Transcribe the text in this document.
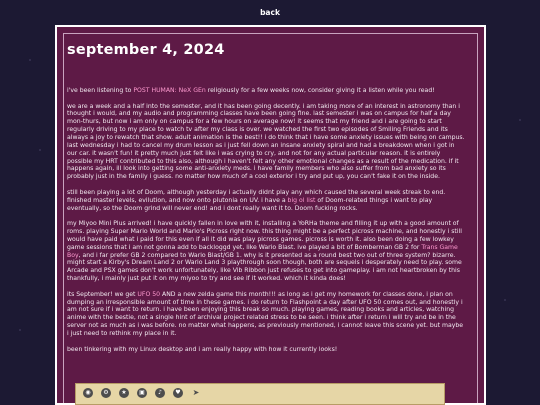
back
september 4, 2024

i've been listening to POST HUMAN: NeX GEn religiously for a few weeks now, consider giving it a listen while you read!

we are a week and a half into the semester, and it has been going decently. i am taking more of an interest in astronomy than i thought i would, and my audio and programming classes have been going fine. last semester i was on campus for half a day mon-thurs, but now i am only on campus for a few hours on average now! it seems that my friend and i are going to start regularly driving to my place to watch tv after my class is over. we watched the first two episodes of Smiling Friends and its always a joy to rewatch that show. adult animation is the best!! i do think that i have some anxiety issues with being on campus. last wednesday i had to cancel my drum lesson as i just fell down an insane anxiety spiral and had a breakdown when i got in our car. it wasn't fun! it pretty much just felt like i was crying to cry, and not for any actual particular reason. it is entirely possible my HRT contributed to this also, although i haven't felt any other emotional changes as a result of the medication. if it happens again, ill look into getting some anti-anxiety meds. i have family members who also suffer from bad anxiety so its probably just in the family i guess. no matter how much of a cool exterior i try and put up, you can't fake it on the inside.

still been playing a lot of Doom, although yesterday i actually didnt play any which caused the several week streak to end. finished master levels, evilution, and now onto plutonia on UV. i have a big ol list of Doom-related things i want to play eventually, so the Doom grind will never end! and i dont really want it to. Doom fucking rocks.

my Miyoo Mini Plus arrived! i have quickly fallen in love with it, installing a YoRHa theme and filling it up with a good amount of roms. playing Super Mario World and Mario's Picross right now. this thing might be a perfect picross machine, and honestly i still would have paid what i paid for this even if all it did was play picross games. picross is worth it. also been doing a few lowkey game sessions that i am not gonna add to backloggd yet, like Wario Blast. ive played a bit of Bomberman GB 2 for Trans Game Boy, and i far prefer GB 2 compared to Wario Blast/GB 1. why is it presented as a round best two out of three system? bizarre. might start a Kirby's Dream Land 2 or Wario Land 3 playthrough soon though, both are sequels i desperately need to play. some Arcade and PSX games don't work unfortunately, like Vib Ribbon just refuses to get into gameplay. i am not heartbroken by this thankfully, i mainly just put it on my miyoo to try and see if it worked. which it kinda does!

its September! we get UFO 50 AND a new zelda game this month!!! as long as i get my homework for classes done, i plan on dumping an irresponsible amount of time in these games. i do return to Flashpoint a day after UFO 50 comes out, and honestly i am not sure if i want to return. i have been enjoying this break so much. playing games, reading books and articles, watching anime with the bestie, not a single hint of archival project related stress to be seen. i think after i return i will try and be in the server not as much as i was before. no matter what happens, as previously mentioned, i cannot leave this scene yet. but maybe i just need to rethink my place in it.

been tinkering with my Linux desktop and i am really happy with how it currently looks!

◉	⚙	★	▣	♪	♥ ➤
